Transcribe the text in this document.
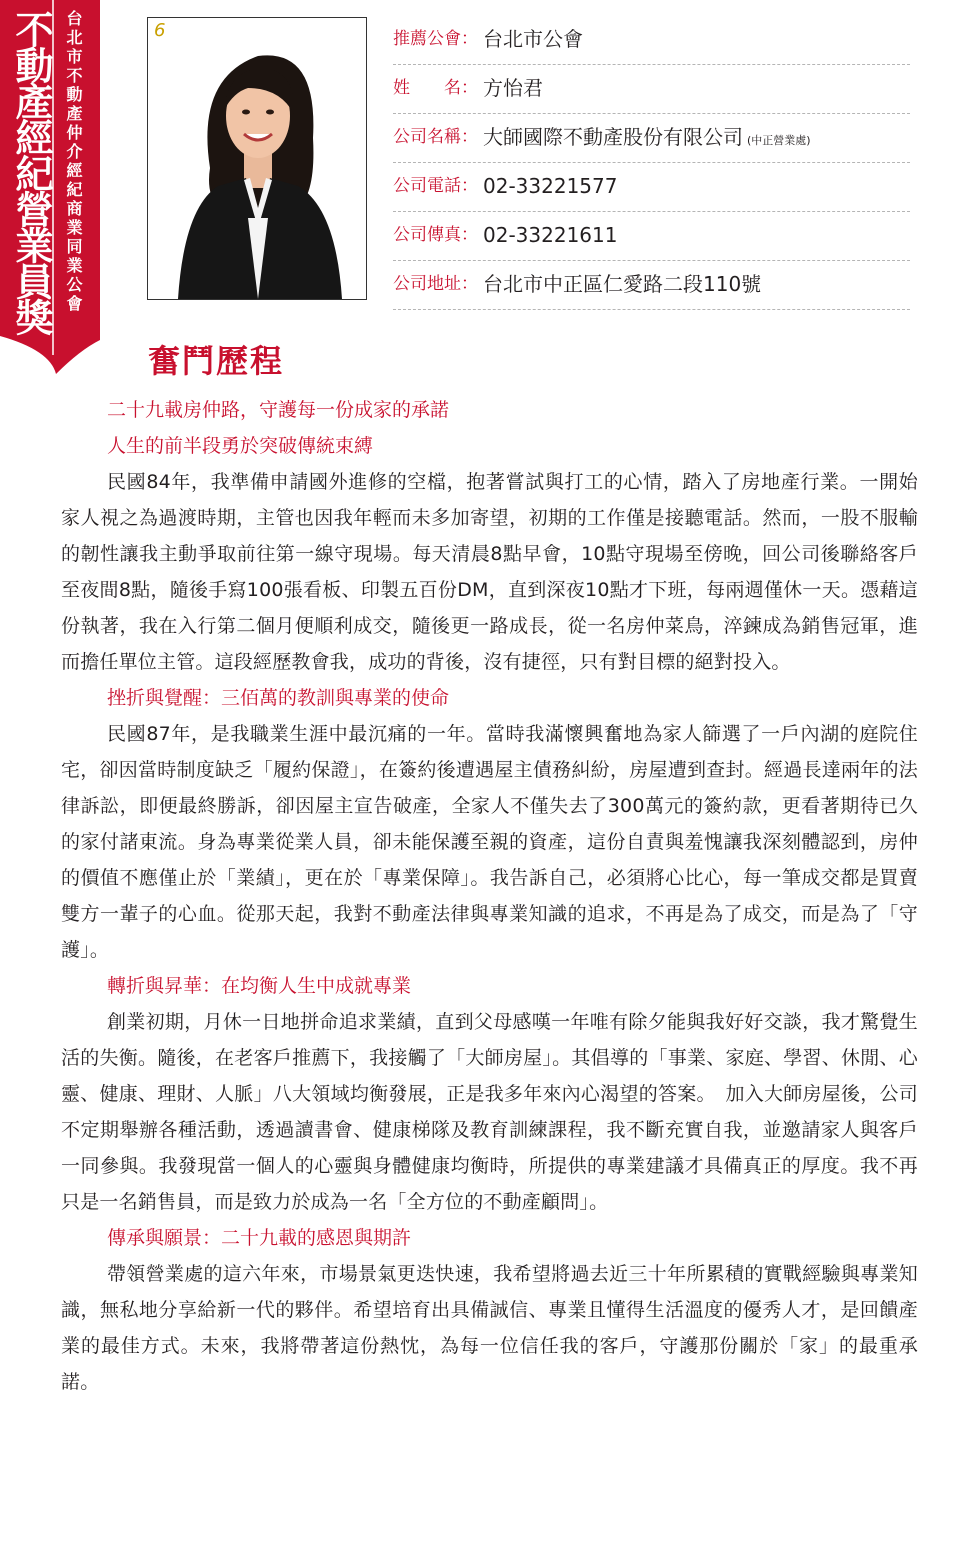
不動產經紀營業員獎 台北市不動產仲介經紀商業同業公會	6	推薦公會： 台北市公會
姓　　名： 方怡君
公司名稱： 大師國際不動產股份有限公司 (中正營業處)
公司電話： 02-33221577
公司傳真： 02-33221611
公司地址： 台北市中正區仁愛路二段110號
奮鬥歷程

二十九載房仲路，守護每一份成家的承諾

人生的前半段勇於突破傳統束縛

民國84年，我準備申請國外進修的空檔，抱著嘗試與打工的心情，踏入了房地產行業。一開始家人視之為過渡時期，主管也因我年輕而未多加寄望，初期的工作僅是接聽電話。然而，一股不服輸的韌性讓我主動爭取前往第一線守現場。每天清晨8點早會，10點守現場至傍晚，回公司後聯絡客戶至夜間8點，隨後手寫100張看板、印製五百份DM，直到深夜10點才下班，每兩週僅休一天。憑藉這份執著，我在入行第二個月便順利成交，隨後更一路成長，從一名房仲菜鳥，淬鍊成為銷售冠軍，進而擔任單位主管。這段經歷教會我，成功的背後，沒有捷徑，只有對目標的絕對投入。

挫折與覺醒：三佰萬的教訓與專業的使命

民國87年，是我職業生涯中最沉痛的一年。當時我滿懷興奮地為家人篩選了一戶內湖的庭院住宅，卻因當時制度缺乏「履約保證」，在簽約後遭遇屋主債務糾紛，房屋遭到查封。經過長達兩年的法律訴訟，即便最終勝訴，卻因屋主宣告破產，全家人不僅失去了300萬元的簽約款，更看著期待已久的家付諸東流。身為專業從業人員，卻未能保護至親的資產，這份自責與羞愧讓我深刻體認到，房仲的價值不應僅止於「業績」，更在於「專業保障」。我告訴自己，必須將心比心，每一筆成交都是買賣雙方一輩子的心血。從那天起，我對不動產法律與專業知識的追求，不再是為了成交，而是為了「守護」。

轉折與昇華：在均衡人生中成就專業

創業初期，月休一日地拼命追求業績，直到父母感嘆一年唯有除夕能與我好好交談，我才驚覺生活的失衡。隨後，在老客戶推薦下，我接觸了「大師房屋」。其倡導的「事業、家庭、學習、休閒、心靈、健康、理財、人脈」八大領域均衡發展，正是我多年來內心渴望的答案。　加入大師房屋後，公司不定期舉辦各種活動，透過讀書會、健康梯隊及教育訓練課程，我不斷充實自我，並邀請家人與客戶一同參與。我發現當一個人的心靈與身體健康均衡時，所提供的專業建議才具備真正的厚度。我不再只是一名銷售員，而是致力於成為一名「全方位的不動產顧問」。

傳承與願景：二十九載的感恩與期許

帶領營業處的這六年來，市場景氣更迭快速，我希望將過去近三十年所累積的實戰經驗與專業知識，無私地分享給新一代的夥伴。希望培育出具備誠信、專業且懂得生活溫度的優秀人才，是回饋產業的最佳方式。未來，我將帶著這份熱忱，為每一位信任我的客戶，守護那份關於「家」的最重承諾。
